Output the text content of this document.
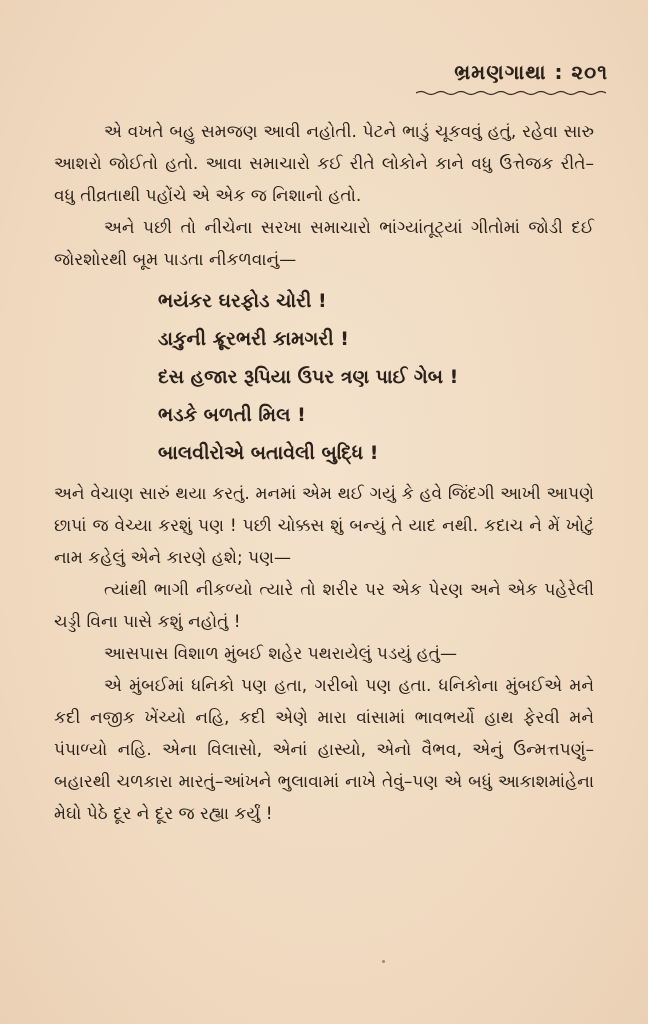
ભ્રમણગાથા : ૨૦૧

એ વખતે બહુ સમજણ આવી નહોતી. પેટને ભાડું ચૂકવવું હતું, રહેવા સારુ આશરો જોઈતો હતો. આવા સમાચારો કઈ રીતે લોકોને કાને વધુ ઉત્તેજક રીતે–વધુ તીવ્રતાથી પહોંચે એ એક જ નિશાનો હતો.

અને પછી તો નીચેના સરખા સમાચારો ભાંગ્યાંતૂટ્યાં ગીતોમાં જોડી દઈ જોરશોરથી બૂમ પાડતા નીકળવાનું—

ભયંકર ઘરફોડ ચોરી !
ડાકુની ક્રૂરભરી કામગરી !
દસ હજાર રૂપિયા ઉપર ત્રણ પાઈ ગેબ !
ભડકે બળતી મિલ !
બાલવીરોએ બતાવેલી બુદ્ધિ !

અને વેચાણ સારું થયા કરતું. મનમાં એમ થઈ ગયું કે હવે જિંદગી આખી આપણે છાપાં જ વેચ્યા કરશું પણ ! પછી ચોક્કસ શું બન્યું તે યાદ નથી. કદાચ ને મેં ખોટું નામ કહેલું એને કારણે હશે; પણ—

ત્યાંથી ભાગી નીકળ્યો ત્યારે તો શરીર પર એક પેરણ અને એક પહેરેલી ચડ્ડી વિના પાસે કશું નહોતું !

આસપાસ વિશાળ મુંબઈ શહેર પથરાયેલું પડયું હતું—

એ મુંબઈમાં ધનિકો પણ હતા, ગરીબો પણ હતા. ધનિકોના મુંબઈએ મને કદી નજીક ખેંચ્યો નહિ, કદી એણે મારા વાંસામાં ભાવભર્યો હાથ ફેરવી મને પંપાળ્યો નહિ. એના વિલાસો, એનાં હાસ્યો, એનો વૈભવ, એનું ઉન્મત્તપણું–બહારથી ચળકારા મારતું–આંખને ભુલાવામાં નાખે તેવું–પણ એ બધું આકાશમાંહેના મેઘો પેઠે દૂર ને દૂર જ રહ્યા કર્યું !
